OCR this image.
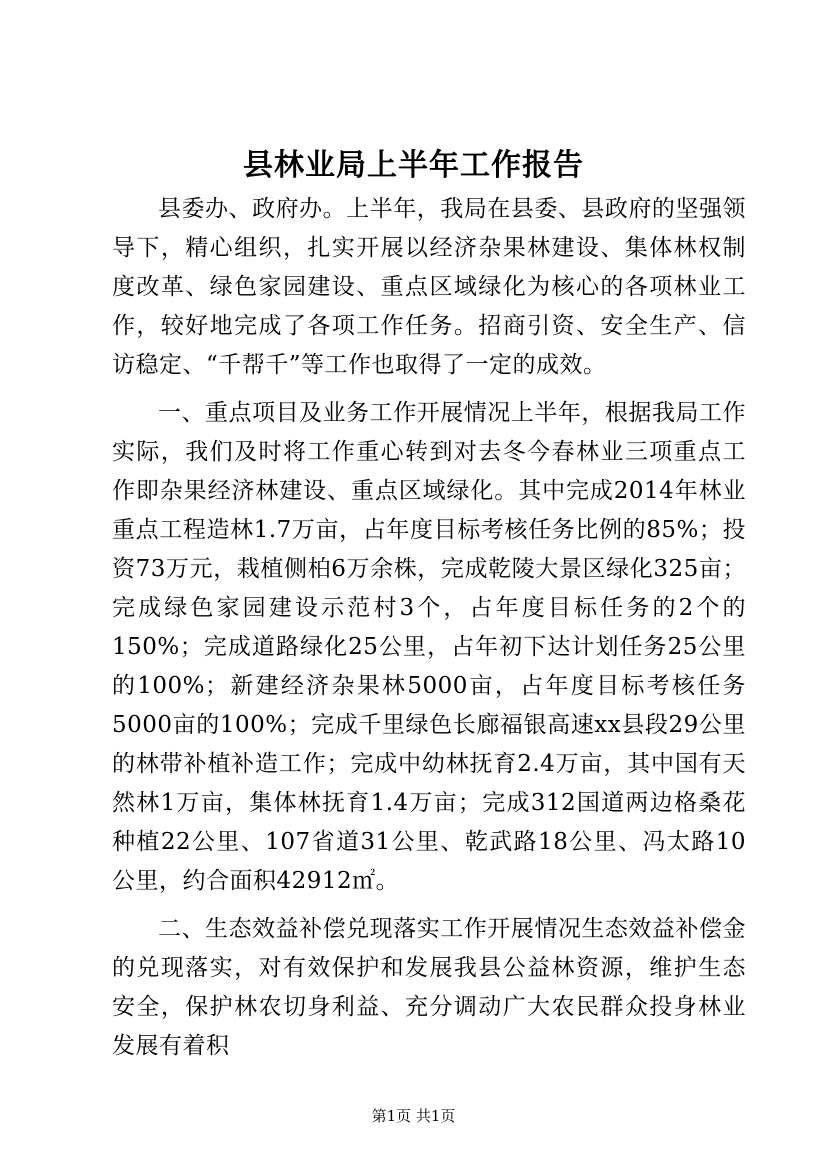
县林业局上半年工作报告

县委办、政府办。上半年，我局在县委、县政府的坚强领导下，精心组织，扎实开展以经济杂果林建设、集体林权制度改革、绿色家园建设、重点区域绿化为核心的各项林业工作，较好地完成了各项工作任务。招商引资、安全生产、信访稳定、“千帮千”等工作也取得了一定的成效。

一、重点项目及业务工作开展情况上半年，根据我局工作实际，我们及时将工作重心转到对去冬今春林业三项重点工作即杂果经济林建设、重点区域绿化。其中完成2014年林业重点工程造林1.7万亩，占年度目标考核任务比例的85%；投资73万元，栽植侧柏6万余株，完成乾陵大景区绿化325亩；完成绿色家园建设示范村3个，占年度目标任务的2个的150%；完成道路绿化25公里，占年初下达计划任务25公里的100%；新建经济杂果林5000亩，占年度目标考核任务5000亩的100%；完成千里绿色长廊福银高速xx县段29公里的林带补植补造工作；完成中幼林抚育2.4万亩，其中国有天然林1万亩，集体林抚育1.4万亩；完成312国道两边格桑花种植22公里、107省道31公里、乾武路18公里、冯太路10公里，约合面积42912㎡。

二、生态效益补偿兑现落实工作开展情况生态效益补偿金的兑现落实，对有效保护和发展我县公益林资源，维护生态安全，保护林农切身利益、充分调动广大农民群众投身林业发展有着积

第1页 共1页
